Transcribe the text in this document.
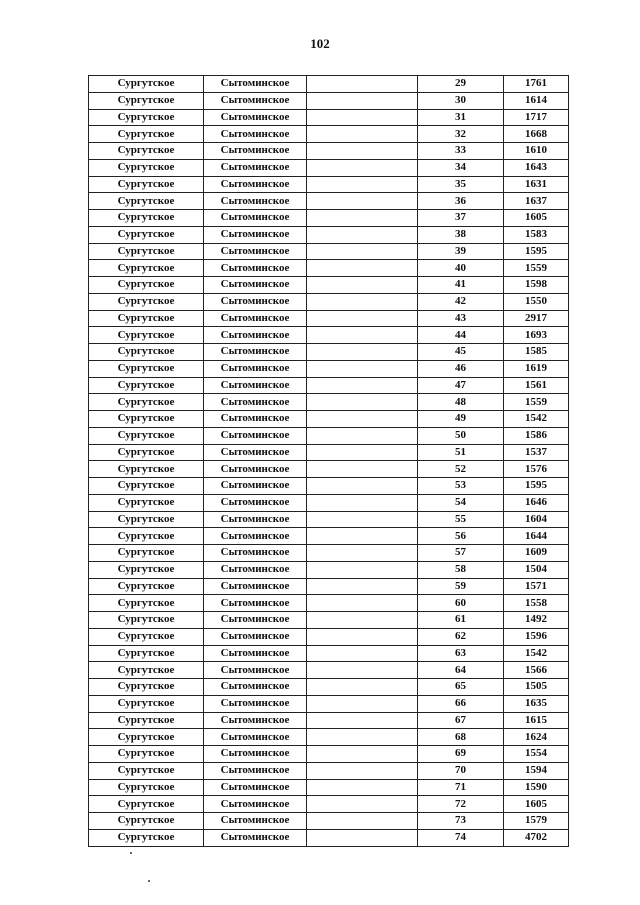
102
Сургутское	Сытоминское		29	1761
Сургутское	Сытоминское		30	1614
Сургутское	Сытоминское		31	1717
Сургутское	Сытоминское		32	1668
Сургутское	Сытоминское		33	1610
Сургутское	Сытоминское		34	1643
Сургутское	Сытоминское		35	1631
Сургутское	Сытоминское		36	1637
Сургутское	Сытоминское		37	1605
Сургутское	Сытоминское		38	1583
Сургутское	Сытоминское		39	1595
Сургутское	Сытоминское		40	1559
Сургутское	Сытоминское		41	1598
Сургутское	Сытоминское		42	1550
Сургутское	Сытоминское		43	2917
Сургутское	Сытоминское		44	1693
Сургутское	Сытоминское		45	1585
Сургутское	Сытоминское		46	1619
Сургутское	Сытоминское		47	1561
Сургутское	Сытоминское		48	1559
Сургутское	Сытоминское		49	1542
Сургутское	Сытоминское		50	1586
Сургутское	Сытоминское		51	1537
Сургутское	Сытоминское		52	1576
Сургутское	Сытоминское		53	1595
Сургутское	Сытоминское		54	1646
Сургутское	Сытоминское		55	1604
Сургутское	Сытоминское		56	1644
Сургутское	Сытоминское		57	1609
Сургутское	Сытоминское		58	1504
Сургутское	Сытоминское		59	1571
Сургутское	Сытоминское		60	1558
Сургутское	Сытоминское		61	1492
Сургутское	Сытоминское		62	1596
Сургутское	Сытоминское		63	1542
Сургутское	Сытоминское		64	1566
Сургутское	Сытоминское		65	1505
Сургутское	Сытоминское		66	1635
Сургутское	Сытоминское		67	1615
Сургутское	Сытоминское		68	1624
Сургутское	Сытоминское		69	1554
Сургутское	Сытоминское		70	1594
Сургутское	Сытоминское		71	1590
Сургутское	Сытоминское		72	1605
Сургутское	Сытоминское		73	1579
Сургутское	Сытоминское		74	4702
